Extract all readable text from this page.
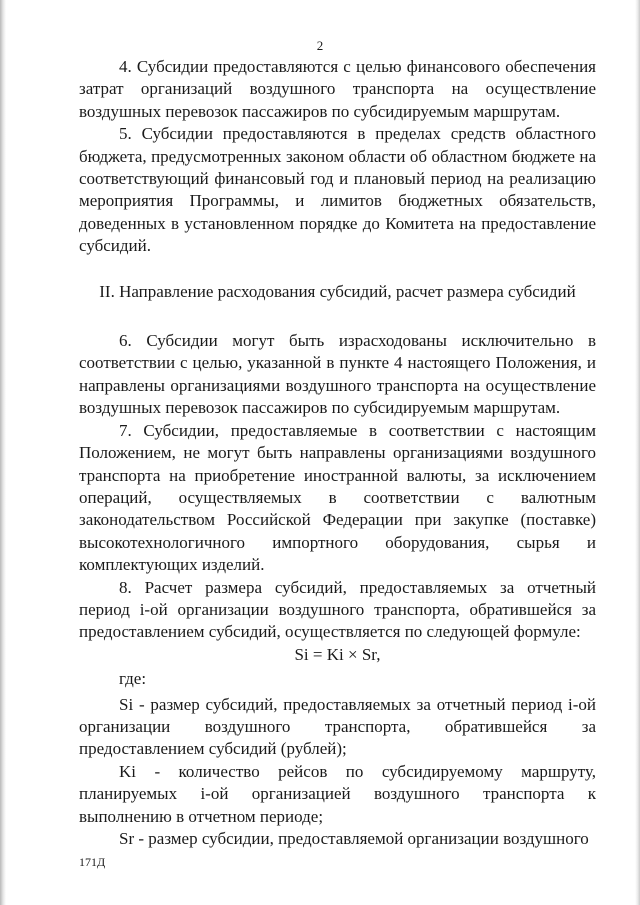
2

4. Субсидии предоставляются с целью финансового обеспечения затрат организаций воздушного транспорта на осуществление воздушных перевозок пассажиров по субсидируемым маршрутам.

5. Субсидии предоставляются в пределах средств областного бюджета, предусмотренных законом области об областном бюджете на соответствующий финансовый год и плановый период на реализацию мероприятия Программы, и лимитов бюджетных обязательств, доведенных в установленном порядке до Комитета на предоставление субсидий.

II. Направление расходования субсидий, расчет размера субсидий

6. Субсидии могут быть израсходованы исключительно в соответствии с целью, указанной в пункте 4 настоящего Положения, и направлены организациями воздушного транспорта на осуществление воздушных перевозок пассажиров по субсидируемым маршрутам.

7. Субсидии, предоставляемые в соответствии с настоящим Положением, не могут быть направлены организациями воздушного транспорта на приобретение иностранной валюты, за исключением операций, осуществляемых в соответствии с валютным законодательством Российской Федерации при закупке (поставке) высокотехнологичного импортного оборудования, сырья и комплектующих изделий.

8. Расчет размера субсидий, предоставляемых за отчетный период i-ой организации воздушного транспорта, обратившейся за предоставлением субсидий, осуществляется по следующей формуле:

Si = Ki × Sr,

где:

Si - размер субсидий, предоставляемых за отчетный период i-ой организации воздушного транспорта, обратившейся за предоставлением субсидий (рублей);

Ki - количество рейсов по субсидируемому маршруту, планируемых i-ой организацией воздушного транспорта к выполнению в отчетном периоде;

Sr - размер субсидии, предоставляемой организации воздушного

171Д
